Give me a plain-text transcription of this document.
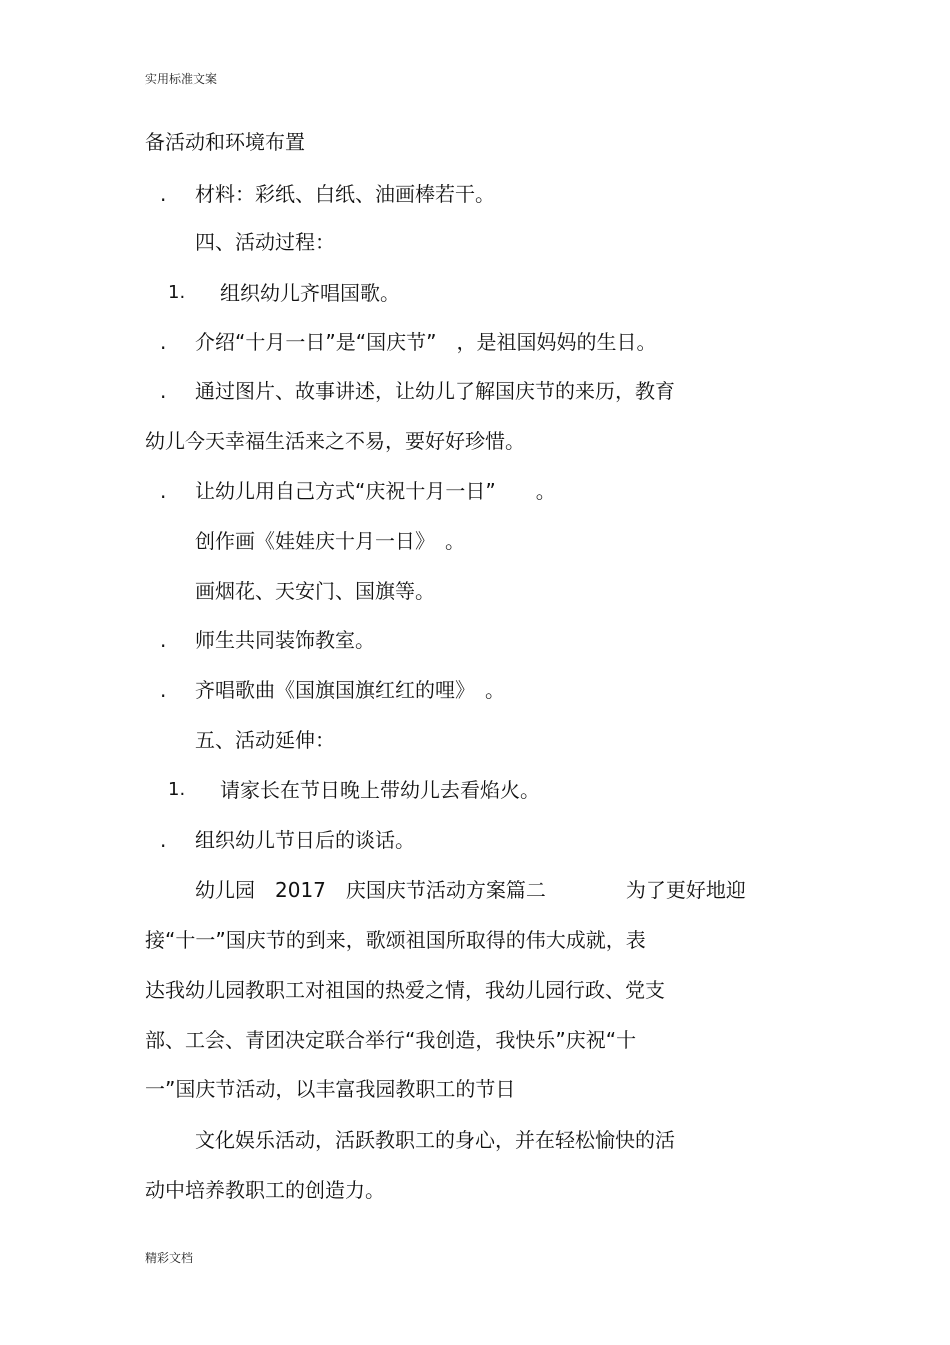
实用标准文案
备活动和环境布置
. 材料：彩纸、白纸、油画棒若干。
四、活动过程：
1. 组织幼儿齐唱国歌。
. 介绍“十月一日”是“国庆节”　，是祖国妈妈的生日。
. 通过图片、故事讲述，让幼儿了解国庆节的来历，教育
幼儿今天幸福生活来之不易，要好好珍惜。
. 让幼儿用自己方式“庆祝十月一日”　　。
创作画《娃娃庆十月一日》　。
画烟花、天安门、国旗等。
. 师生共同装饰教室。
. 齐唱歌曲《国旗国旗红红的哩》　。
五、活动延伸：
1. 请家长在节日晚上带幼儿去看焰火。
. 组织幼儿节日后的谈话。
幼儿园　2017　庆国庆节活动方案篇二　　　　为了更好地迎
接“十一”国庆节的到来，歌颂祖国所取得的伟大成就，表
达我幼儿园教职工对祖国的热爱之情，我幼儿园行政、党支
部、工会、青团决定联合举行“我创造，我快乐”庆祝“十
一”国庆节活动，以丰富我园教职工的节日
文化娱乐活动，活跃教职工的身心，并在轻松愉快的活
动中培养教职工的创造力。
精彩文档
